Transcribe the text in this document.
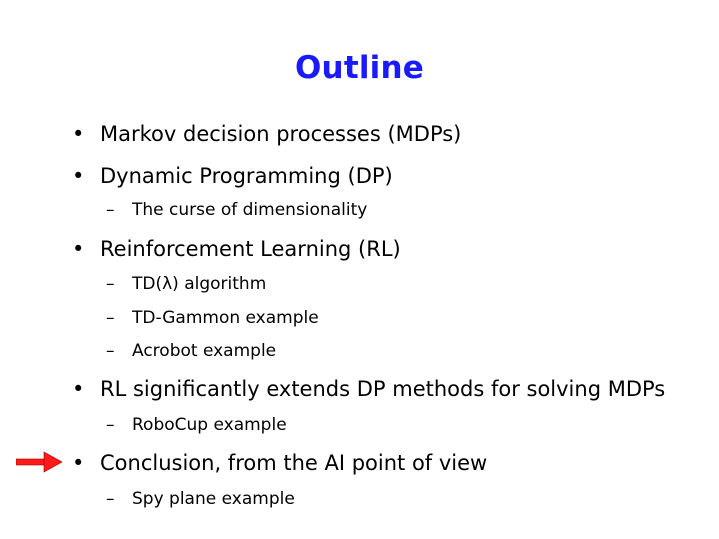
Outline
• Markov decision processes (MDPs)
• Dynamic Programming (DP)
– The curse of dimensionality
• Reinforcement Learning (RL)
– TD(λ) algorithm
– TD-Gammon example
– Acrobot example
• RL significantly extends DP methods for solving MDPs
– RoboCup example
• Conclusion, from the AI point of view
– Spy plane example
